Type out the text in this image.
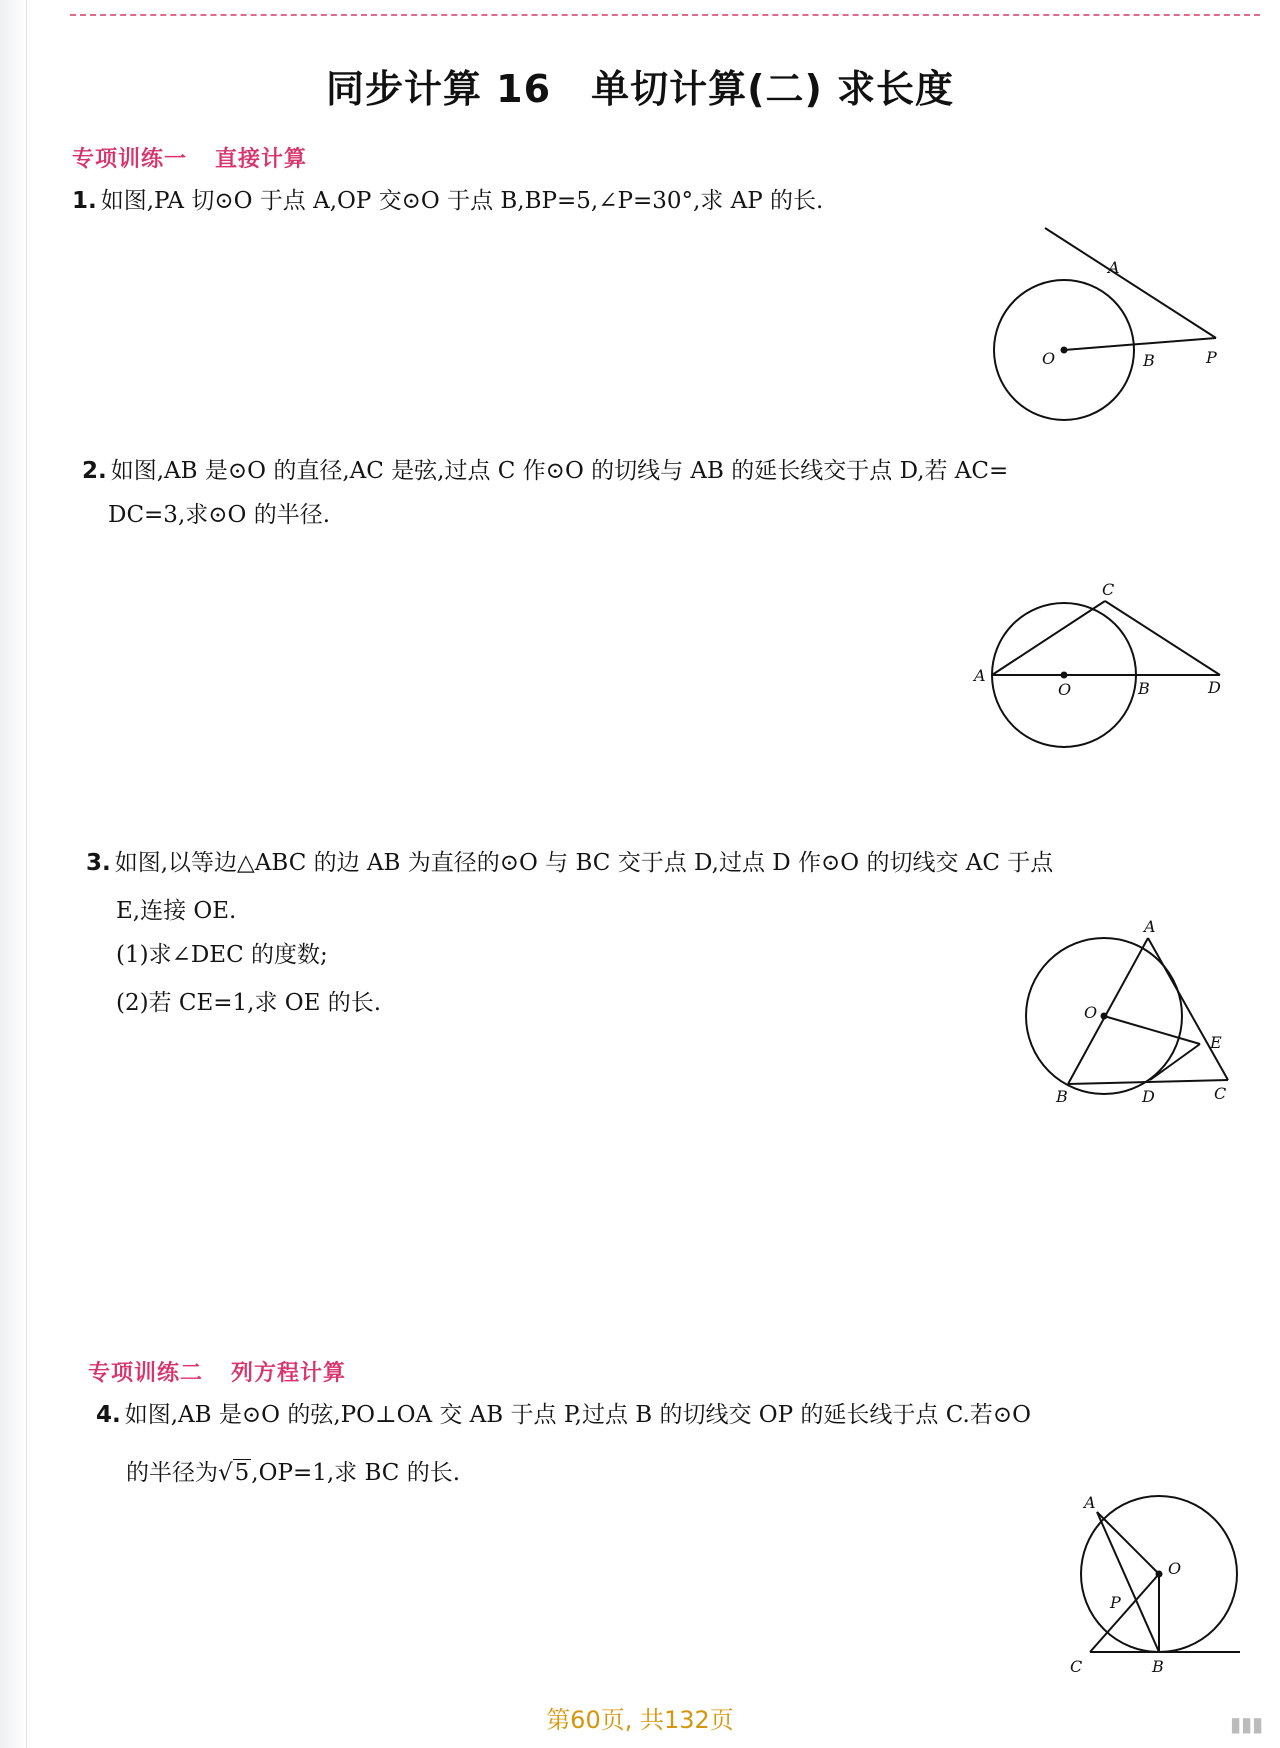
同步计算 16 单切计算(二) 求长度
专项训练一 直接计算
1. 如图,PA 切⊙O 于点 A,OP 交⊙O 于点 B,BP=5,∠P=30°,求 AP 的长.
A
O	B	P
2. 如图,AB 是⊙O 的直径,AC 是弦,过点 C 作⊙O 的切线与 AB 的延长线交于点 D,若 AC=
DC=3,求⊙O 的半径.
C
A
O	B	D
3. 如图,以等边△ABC 的边 AB 为直径的⊙O 与 BC 交于点 D,过点 D 作⊙O 的切线交 AC 于点
E,连接 OE.
(1)求∠DEC 的度数;
(2)若 CE=1,求 OE 的长.
A
O
E
B	D	C
专项训练二 列方程计算
4. 如图,AB 是⊙O 的弦,PO⊥OA 交 AB 于点 P,过点 B 的切线交 OP 的延长线于点 C.若⊙O
的半径为√5,OP=1,求 BC 的长.
A
O
P
C	B
第60页, 共132页	▮▮▮
